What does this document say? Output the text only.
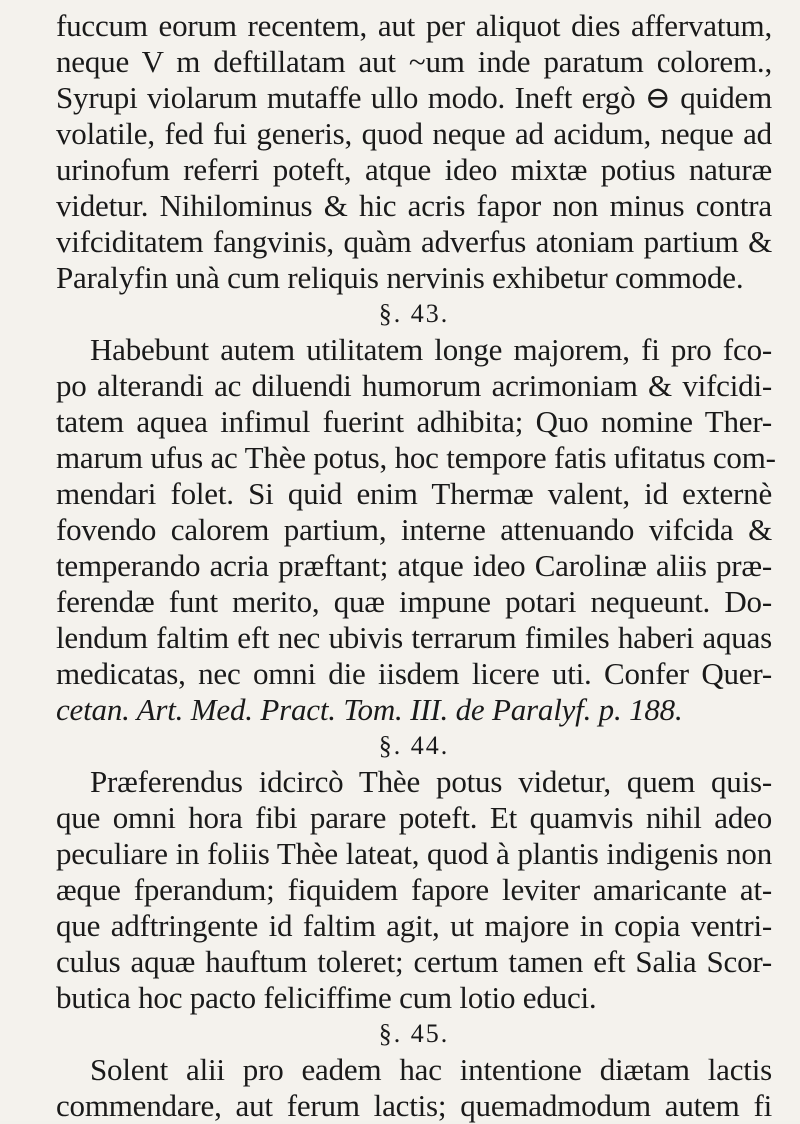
fuccum eorum recentem, aut per aliquot dies affervatum,
neque V m deftillatam aut ~um inde paratum colorem.,
Syrupi violarum mutaffe ullo modo. Ineft ergò ⊖ quidem
volatile, fed fui generis, quod neque ad acidum, neque ad
urinofum referri poteft, atque ideo mixtæ potius naturæ
videtur. Nihilominus & hic acris fapor non minus contra
vifciditatem fangvinis, quàm adverfus atoniam partium &
Paralyfin unà cum reliquis nervinis exhibetur commode.
§. 43.
Habebunt autem utilitatem longe majorem, fi pro fco-
po alterandi ac diluendi humorum acrimoniam & vifcidi-
tatem aquea infimul fuerint adhibita; Quo nomine Ther-
marum ufus ac Thèe potus, hoc tempore fatis ufitatus com-
mendari folet. Si quid enim Thermæ valent, id externè
fovendo calorem partium, interne attenuando vifcida &
temperando acria præftant; atque ideo Carolinæ aliis præ-
ferendæ funt merito, quæ impune potari nequeunt. Do-
lendum faltim eft nec ubivis terrarum fimiles haberi aquas
medicatas, nec omni die iisdem licere uti. Confer Quer-
cetan. Art. Med. Pract. Tom. III. de Paralyf. p. 188.
§. 44.
Præferendus idcircò Thèe potus videtur, quem quis-
que omni hora fibi parare poteft. Et quamvis nihil adeo
peculiare in foliis Thèe lateat, quod à plantis indigenis non
æque fperandum; fiquidem fapore leviter amaricante at-
que adftringente id faltim agit, ut majore in copia ventri-
culus aquæ hauftum toleret; certum tamen eft Salia Scor-
butica hoc pacto feliciffime cum lotio educi.
§. 45.
Solent alii pro eadem hac intentione diætam lactis
commendare, aut ferum lactis; quemadmodum autem fi
